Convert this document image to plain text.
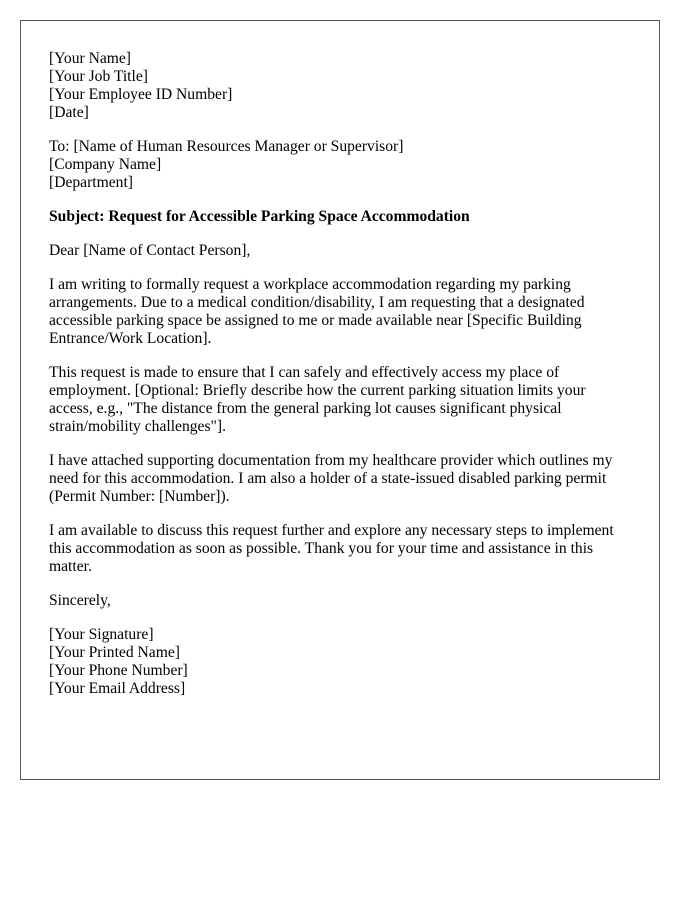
[Your Name]
[Your Job Title]
[Your Employee ID Number]
[Date]
To: [Name of Human Resources Manager or Supervisor]
[Company Name]
[Department]

Subject: Request for Accessible Parking Space Accommodation

Dear [Name of Contact Person],

I am writing to formally request a workplace accommodation regarding my parking arrangements. Due to a medical condition/disability, I am requesting that a designated accessible parking space be assigned to me or made available near [Specific Building Entrance/Work Location].

This request is made to ensure that I can safely and effectively access my place of employment. [Optional: Briefly describe how the current parking situation limits your access, e.g., "The distance from the general parking lot causes significant physical strain/mobility challenges"].

I have attached supporting documentation from my healthcare provider which outlines my need for this accommodation. I am also a holder of a state-issued disabled parking permit (Permit Number: [Number]).

I am available to discuss this request further and explore any necessary steps to implement this accommodation as soon as possible. Thank you for your time and assistance in this matter.

Sincerely,

[Your Signature]
[Your Printed Name]
[Your Phone Number]
[Your Email Address]
